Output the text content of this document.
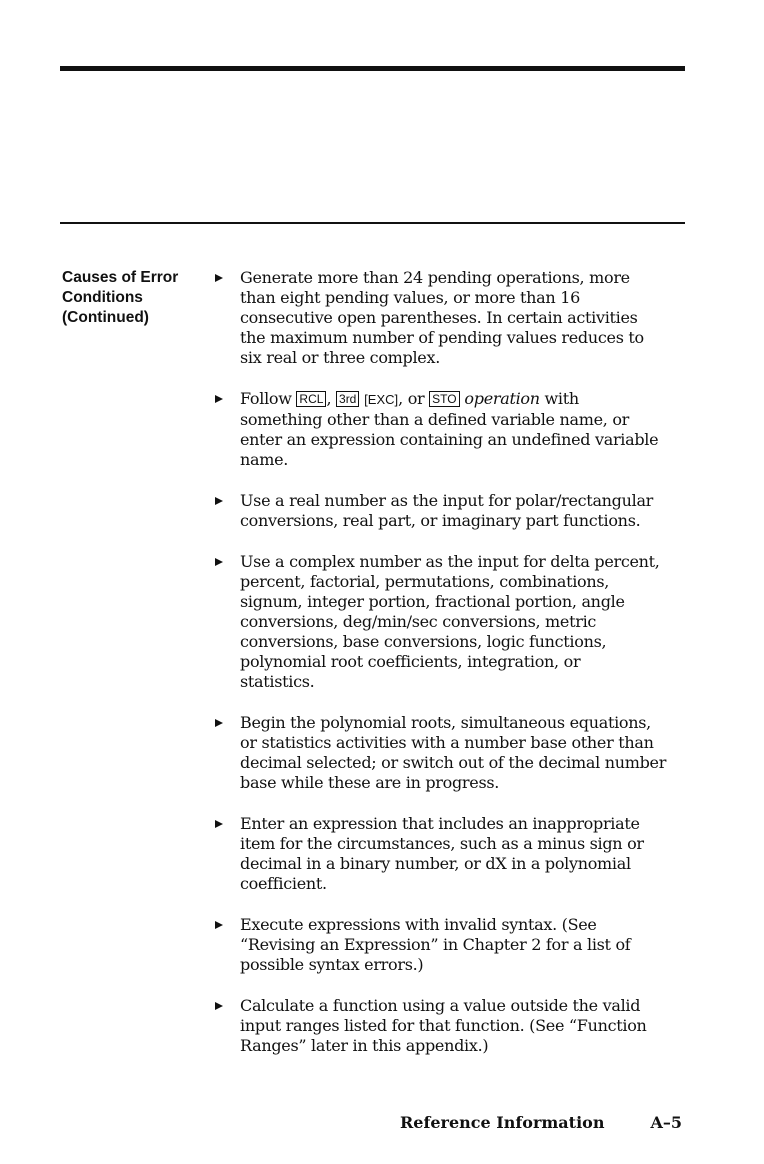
Causes of Error
Conditions
(Continued)
Generate more than 24 pending operations, more
than eight pending values, or more than 16
consecutive open parentheses. In certain activities
the maximum number of pending values reduces to
six real or three complex.
Follow RCL , 3rd [EXC], or STO operation with
something other than a defined variable name, or
enter an expression containing an undefined variable
name.
Use a real number as the input for polar/rectangular
conversions, real part, or imaginary part functions.
Use a complex number as the input for delta percent,
percent, factorial, permutations, combinations,
signum, integer portion, fractional portion, angle
conversions, deg/min/sec conversions, metric
conversions, base conversions, logic functions,
polynomial root coefficients, integration, or
statistics.
Begin the polynomial roots, simultaneous equations,
or statistics activities with a number base other than
decimal selected; or switch out of the decimal number
base while these are in progress.
Enter an expression that includes an inappropriate
item for the circumstances, such as a minus sign or
decimal in a binary number, or dX in a polynomial
coefficient.
Execute expressions with invalid syntax. (See
“Revising an Expression” in Chapter 2 for a list of
possible syntax errors.)
Calculate a function using a value outside the valid
input ranges listed for that function. (See “Function
Ranges” later in this appendix.)
Reference Information	A–5
